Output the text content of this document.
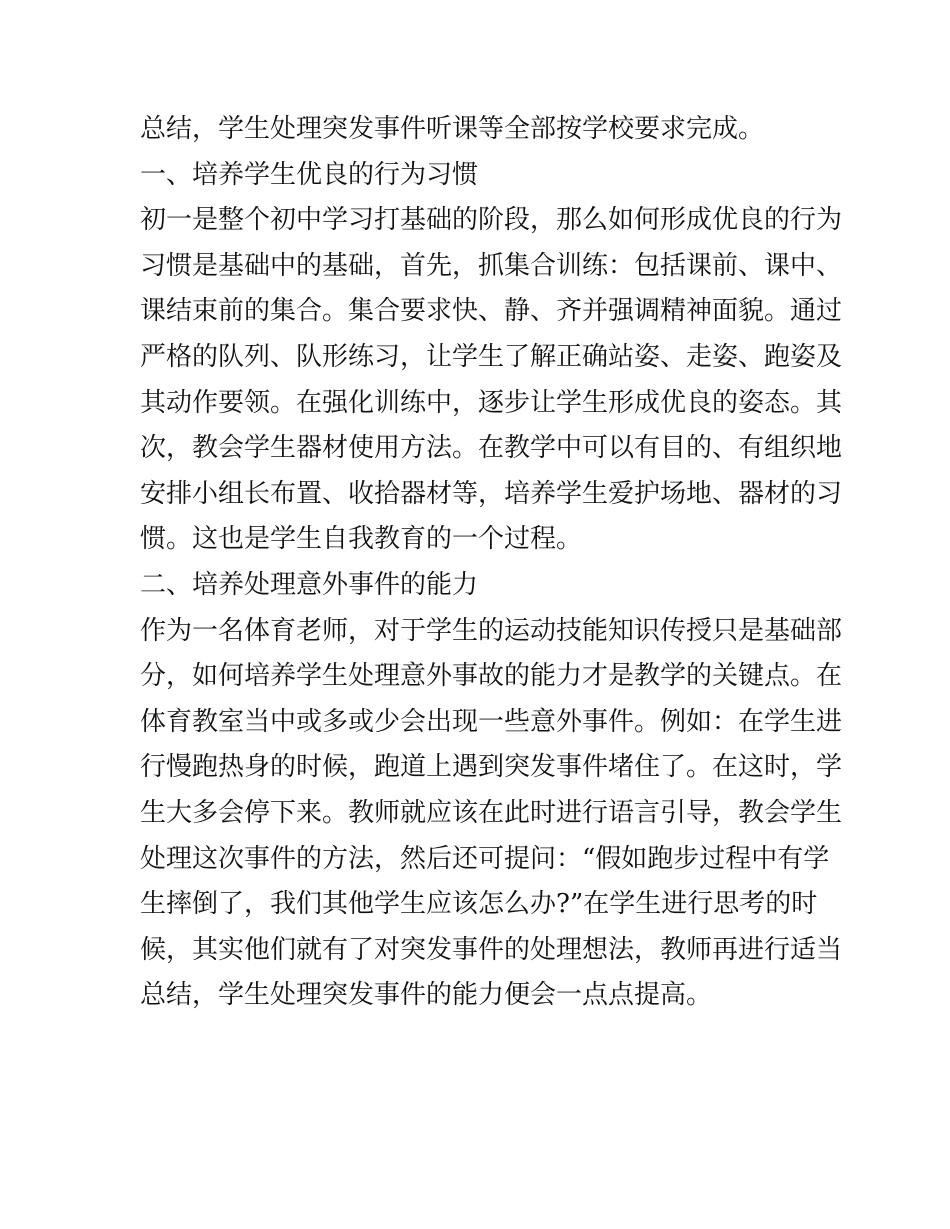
总结，学生处理突发事件听课等全部按学校要求完成。
一、培养学生优良的行为习惯
初一是整个初中学习打基础的阶段，那么如何形成优良的行为
习惯是基础中的基础，首先，抓集合训练：包括课前、课中、
课结束前的集合。集合要求快、静、齐并强调精神面貌。通过
严格的队列、队形练习，让学生了解正确站姿、走姿、跑姿及
其动作要领。在强化训练中，逐步让学生形成优良的姿态。其
次，教会学生器材使用方法。在教学中可以有目的、有组织地
安排小组长布置、收拾器材等，培养学生爱护场地、器材的习
惯。这也是学生自我教育的一个过程。
二、培养处理意外事件的能力
作为一名体育老师，对于学生的运动技能知识传授只是基础部
分，如何培养学生处理意外事故的能力才是教学的关键点。在
体育教室当中或多或少会出现一些意外事件。例如：在学生进
行慢跑热身的时候，跑道上遇到突发事件堵住了。在这时，学
生大多会停下来。教师就应该在此时进行语言引导，教会学生
处理这次事件的方法，然后还可提问：“假如跑步过程中有学
生摔倒了，我们其他学生应该怎么办?”在学生进行思考的时
候，其实他们就有了对突发事件的处理想法，教师再进行适当
总结，学生处理突发事件的能力便会一点点提高。
